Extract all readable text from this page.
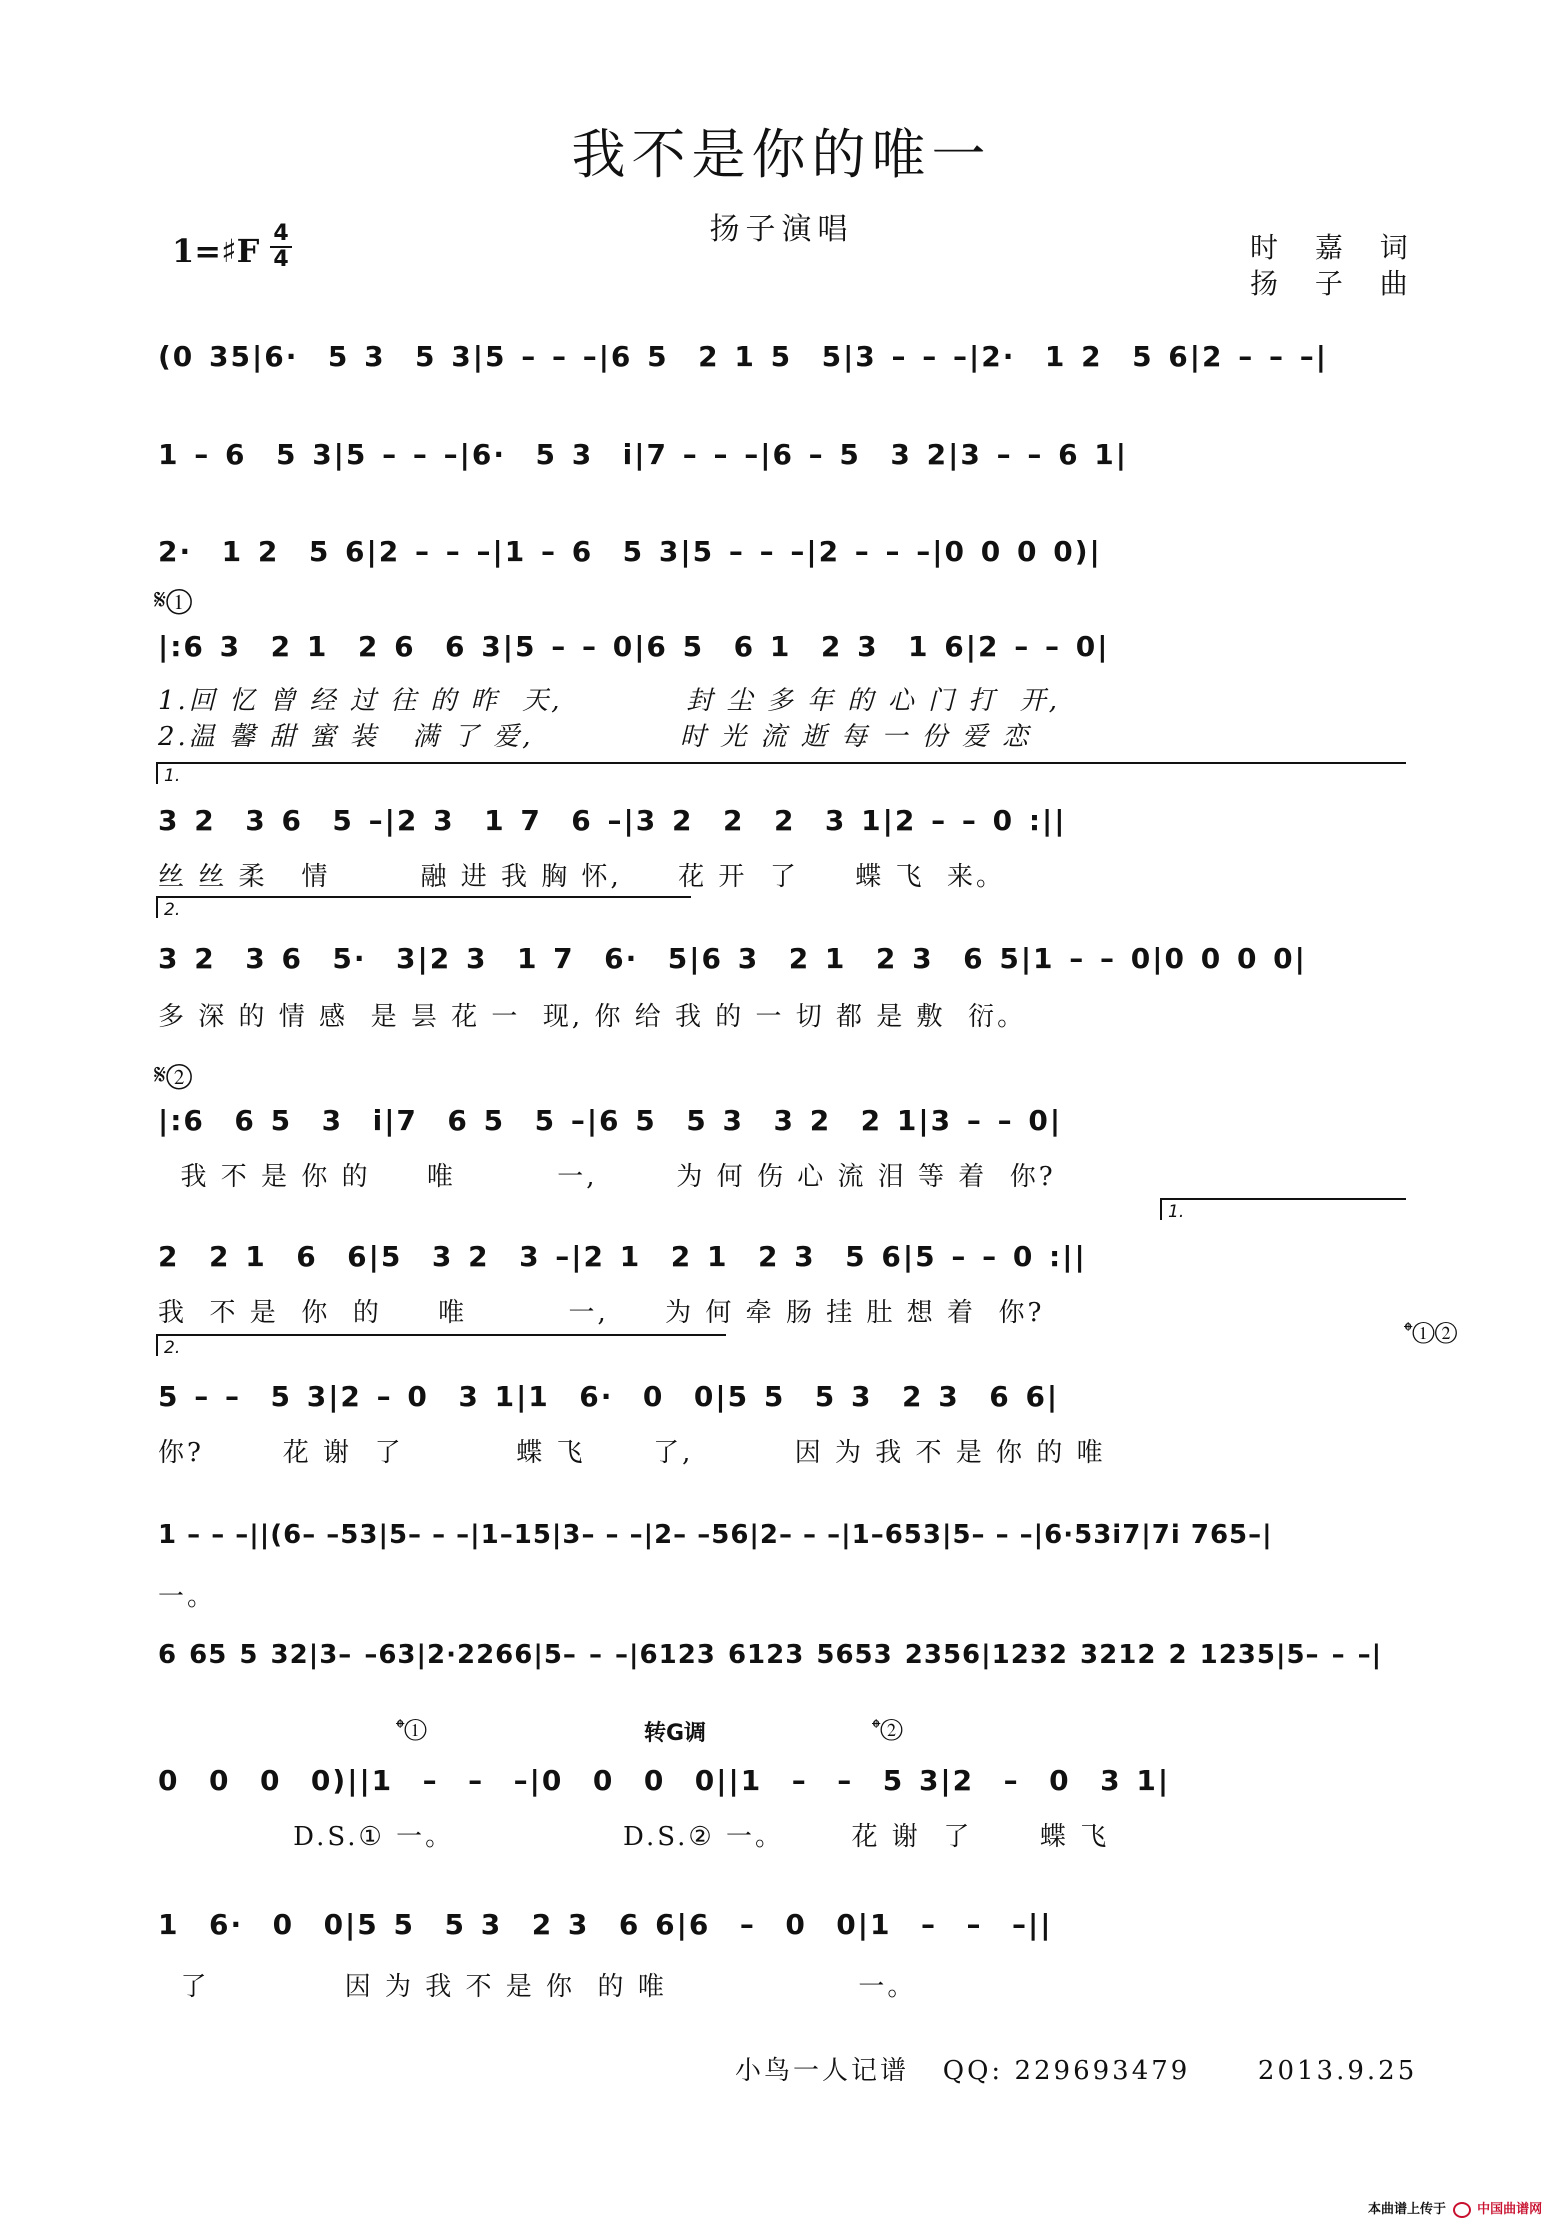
我不是你的唯一
扬子演唱
1=♯F $\frac{4}{4}$	时 嘉 词
扬 子 曲
(0 35|6·  5 3  5 3|5 – – –|6 5  2 1 5  5|3 – – –|2·  1 2  5 6|2 – – –|
1 – 6  5 3|5 – – –|6·  5 3  i|7 – – –|6 – 5  3 2|3 – – 6 1|
2·  1 2  5 6|2 – – –|1 – 6  5 3|5 – – –|2 – – –|0 0 0 0)|
𝄋①
|:6 3  2 1  2 6  6 3|5 – – 0|6 5  6 1  2 3  1 6|2 – – 0|
1.回 忆 曾 经 过 往 的 昨  天,           封 尘 多 年 的 心 门 打  开,
2.温 馨 甜 蜜 装   满 了 爱,             时 光 流 逝 每 一 份 爱 恋
1.
3 2  3 6  5 –|2 3  1 7  6 –|3 2  2  2  3 1|2 – – 0 :||
丝 丝 柔   情        融 进 我 胸 怀,     花 开  了     蝶 飞  来。
2.
3 2  3 6  5·  3|2 3  1 7  6·  5|6 3  2 1  2 3  6 5|1 – – 0|0 0 0 0|
多 深 的 情 感  是 昙 花 一  现, 你 给 我 的 一 切 都 是 敷  衍。
𝄋②
|:6  6 5  3  i|7  6 5  5 –|6 5  5 3  3 2  2 1|3 – – 0|
我 不 是 你 的     唯         一,       为 何 伤 心 流 泪 等 着  你?
1.
2  2 1  6  6|5  3 2  3 –|2 1  2 1  2 3  5 6|5 – – 0 :||
我  不 是  你  的     唯         一,     为 何 牵 肠 挂 肚 想 着  你?
2.
𝄌①②
5 – –  5 3|2 – 0  3 1|1  6·  0  0|5 5  5 3  2 3  6 6|
你?       花 谢  了          蝶 飞      了,         因 为 我 不 是 你 的 唯
1 – – –||(6– –53|5– – –|1–15|3– – –|2– –56|2– – –|1–653|5– – –|6·53i7|7i 765–|
一。
6 65 5 32|3– –63|2·2266|5– – –|6123 6123 5653 2356|1232 3212 2 1235|5– – –|
𝄌①	转G调	𝄌②
0  0  0  0)||1  –  –  –|0  0  0  0||1  –  –  5 3|2  –  0  3 1|
D.S.① 一。               D.S.② 一。      花 谢  了      蝶 飞
1  6·  0  0|5 5  5 3  2 3  6 6|6  –  0  0|1  –  –  –||
了            因 为 我 不 是 你  的 唯                 一。
小鸟一人记谱   QQ: 229693479      2013.9.25
本曲谱上传于 中国曲谱网
